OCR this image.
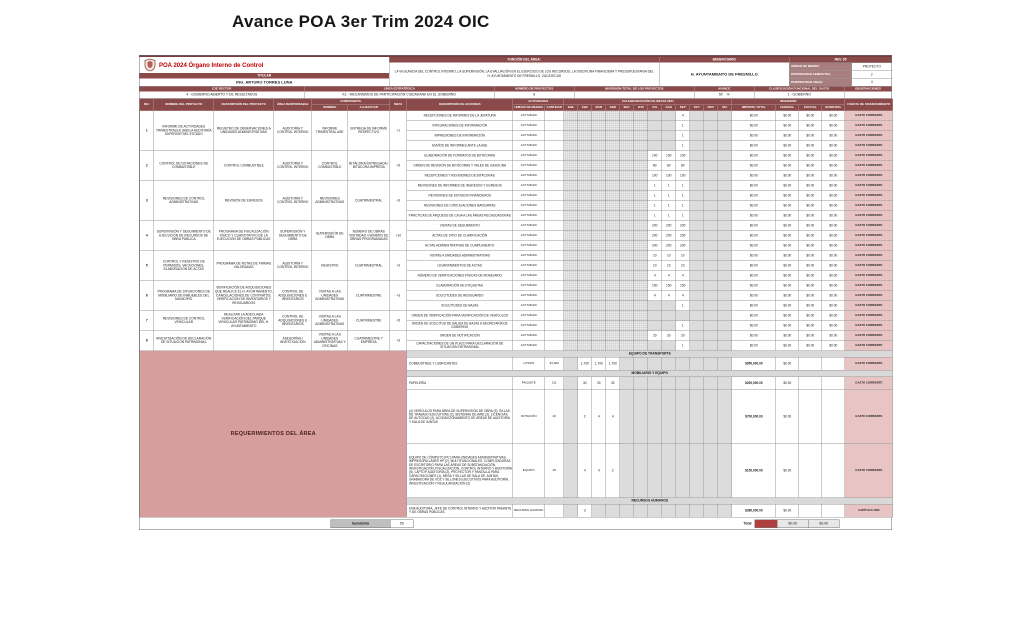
Avance POA 3er Trim 2024 OIC
POA 2024 Órgano Interno de Control
TITULAR
ING. ARTURO TORRES LUNA
FUNCIÓN DEL ÁREA:
LA VIGILANCIA DEL CONTROL INTERNO, LA SUPERVISIÓN, LA EVALUACIÓN EN EL EJERCICIO DE LOS RECURSOS, LA DISCIPLINA FINANCIERA Y PRESUPUESTARIA DEL H. AYUNTAMIENTO DE FRESNILLO, ZACATECAS
BENEFICIARIO
H. AYUNTAMIENTO DE FRESNILLO
REV. 05
UNIDAD DE MEDIDA	PROYECTO
PERIODICIDAD SEMESTRAL	2
PERIODICIDAD ANUAL	4
EJE RECTOR
4 - GOBIERNO ABIERTO Y DE RESULTADOS
LÍNEA ESTRATÉGICA
K1 - MECANISMOS DE PARTICIPACIÓN CIUDADANA EN EL GOBIERNO
NÚMERO DE PROYECTOS
8
INVERSIÓN TOTAL DE LOS PROYECTOS	AVANCE
50 %
CLASIFICACIÓN FUNCIONAL DEL GASTO
1 - GOBIERNO
OBSERVACIONES
NO.	NOMBRE DEL PROYECTO	DESCRIPCIÓN DEL PROYECTO	ÁREA RESPONSABLE	COMPONENTE		META	DESCRIPCIÓN DE ACCIONES	ACTIVIDADES		CALENDARIZACIÓN DE METAS 2024												INVERSIÓN				FUENTE DE FINANCIAMIENTO
				NOMBRE	A EJECUTAR			UNIDAD DE MEDIDA	CANTIDAD	ENE	FEB	MAR	ABR	MAY	JUN	JUL	AGO	SEP	OCT	NOV	DIC	IMPORTE TOTAL	FEDERAL	ESTATAL	MUNICIPAL	
1	INFORME DE ACTIVIDADES TRIMESTRALES (ASE) A AUDITORÍA SUPERIOR DEL ESTADO	REGISTRO DE OBSERVACIONES A UNIDADES ADMINISTRATIVAS	AUDITORÍA Y CONTROL INTERNO	INFORME TRIMESTRAL ASE	ENTREGA DE INFORME RESPECTIVO	+1	RECEPCIONES DE INFORMES DE LA JEFATURA	ACTIVIDAD										4				$0.00	$0.00	$0.00	$0.00	GASTO CORRIENTE
							INTEGRACIONES DE INFORMACIÓN	ACTIVIDAD										1				$0.00	$0.00	$0.00	$0.00	GASTO CORRIENTE
							IMPRESIONES DE INFORMACIÓN	ACTIVIDAD										1				$0.00	$0.00	$0.00	$0.00	GASTO CORRIENTE
							ENVÍOS DE INFORMES ANTE LA ASE	ACTIVIDAD										1				$0.00	$0.00	$0.00	$0.00	GASTO CORRIENTE
2	CONTROL DE DOTACIONES DE COMBUSTIBLE	CONTROL COMBUSTIBLE	AUDITORÍA Y CONTROL INTERNO	CONTROL COMBUSTIBLE	BITÁCORA ENTREGADA / BITÁCORA IMPRESA	+5	ELABORACIÓN DE FORMATOS DE BITÁCORAS	ACTIVIDAD								100	100	100				$0.00	$0.00	$0.00	$0.00	GASTO CORRIENTE
							ORDEN DE REVISIÓN DE BITÁCORAS Y VALES DE GASOLINA	ACTIVIDAD								80	80	80				$0.00	$0.00	$0.00	$0.00	GASTO CORRIENTE
							RECEPCIONES Y REVISIONES DE BITÁCORAS	ACTIVIDAD								100	100	100				$0.00	$0.00	$0.00	$0.00	GASTO CORRIENTE
3	REVISIONES DE CONTROL ADMINISTRATIVAS	REVISIÓN DE EGRESOS	AUDITORÍA Y CONTROL INTERNO	REVISIONES ADMINISTRATIVAS	CUATRIMESTRAL	+3	REVISIONES DE INFORMES DE INGRESOS Y EGRESOS	ACTIVIDAD								1	1	1				$0.00	$0.00	$0.00	$0.00	GASTO CORRIENTE
							REVISIONES DE ESTADOS FINANCIEROS	ACTIVIDAD								1	1	1				$0.00	$0.00	$0.00	$0.00	GASTO CORRIENTE
							REVISIONES DE CONCILIACIONES BANCARIAS	ACTIVIDAD								1	1	1				$0.00	$0.00	$0.00	$0.00	GASTO CORRIENTE
							PRÁCTICAS DE ARQUEOS DE CAJA A LAS ÁREAS RECAUDADORAS	ACTIVIDAD								1	1	1				$0.00	$0.00	$0.00	$0.00	GASTO CORRIENTE
4	SUPERVISIÓN Y SEGUIMIENTO DE EJECUCIÓN DE RECURSOS DE OBRA PÚBLICA	PROGRAMA DE FISCALIZACIÓN FÍSICO Y CUANTITATIVO DE LA EJECUCIÓN DE OBRAS PÚBLICAS	SUPERVISIÓN Y SEGUIMIENTO DE OBRA	SUPERVISIÓN DE OBRA	NÚMERO DE OBRAS VISITADAS / NÚMERO DE OBRAS PROGRAMADAS	+10	VISITAS DE SEGUIMIENTO	ACTIVIDAD								200	200	200				$0.00	$0.00	$0.00	$0.00	GASTO CORRIENTE
							ACTAS DE SITIO DE CLARIFICACIÓN	ACTIVIDAD								200	200	200				$0.00	$0.00	$0.00	$0.00	GASTO CORRIENTE
							ACTAS ADMINISTRATIVAS DE CUMPLIMIENTO	ACTIVIDAD								200	200	200				$0.00	$0.00	$0.00	$0.00	GASTO CORRIENTE
5	CONTROL Y REGISTRO DE PERMISOS, VACACIONES, ELABORACIÓN DE ACTAS	PROGRAMA DE RUTAS DE FIRMAS VALORADAS	AUDITORÍA Y CONTROL INTERNO	REGISTRO	CUATRIMESTRAL	+3	VISITAS A UNIDADES ADMINISTRATIVAS	ACTIVIDAD								10	10	10				$0.00	$0.00	$0.00	$0.00	GASTO CORRIENTE
							LEVANTAMIENTOS DE ACTAS	ACTIVIDAD								10	10	10				$0.00	$0.00	$0.00	$0.00	GASTO CORRIENTE
							NÚMERO DE VERIFICACIONES FÍSICAS DE MOBILIARIO	ACTIVIDAD								4	4	4				$0.00	$0.00	$0.00	$0.00	GASTO CORRIENTE
6	PROGRAMA DE SITUACIONES DE MOBILIARIO DE INMUEBLES DEL MUNICIPIO	VERIFICACIÓN DE ADQUISICIONES QUE REALICE EL H. AYUNTAMIENTO, CANCELACIONES DE CONTRATOS, VERIFICACIÓN DE INVENTARIOS Y RESGUARDOS	CONTROL DE ADQUISICIONES E INVENTARIOS	VISITAS A LAS UNIDADES ADMINISTRATIVAS	CUATRIMESTRE	+3	ELABORACIÓN DE ETIQUETAS	ACTIVIDAD								150	150	150				$0.00	$0.00	$0.00	$0.00	GASTO CORRIENTE
							SOLICITUDES DE RESGUARDO	ACTIVIDAD								4	4	4				$0.00	$0.00	$0.00	$0.00	GASTO CORRIENTE
							SOLICITUDES DE BAJAS	ACTIVIDAD										1				$0.00	$0.00	$0.00	$0.00	GASTO CORRIENTE
7	REVISIONES DE CONTROL VEHICULAR	REALIZAR LA ADECUADA VERIFICACIÓN DEL PARQUE VEHICULAR PATRIMONIO DEL H. AYUNTAMIENTO	CONTROL DE ADQUISICIONES E INVENTARIOS	VISITAS A LAS UNIDADES ADMINISTRATIVAS	CUATRIMESTRE	+5	ORDEN DE VERIFICACIÓN PARA VERIFICACIÓN DE VEHÍCULOS	ACTIVIDAD														$0.00	$0.00	$0.00	$0.00	GASTO CORRIENTE
							ORDEN DE SOLICITUD DE SALIDA DE BAJAS A SECRETARÍA DE GOBIERNO	ACTIVIDAD										1				$0.00	$0.00	$0.00	$0.00	GASTO CORRIENTE
8	INVESTIGACIÓN DE DECLARACIÓN DE SITUACIÓN PATRIMONIAL		ASESORÍAS / INVESTIGACIÓN	VISITAS A LAS UNIDADES ADMINISTRATIVAS Y OFICINAS	CUATRIMESTRE Y EMPRESA	+3	ORDEN DE NOTIFICACIÓN	ACTIVIDAD								20	20	20				$0.00	$0.00	$0.00	$0.00	GASTO CORRIENTE
							CAPACITACIONES DE UN PLAZO PARA DECLARACIÓN DE SITUACIÓN PATRIMONIAL	ACTIVIDAD										1				$0.00	$0.00	$0.00	$0.00	GASTO CORRIENTE
REQUERIMIENTOS DEL ÁREA							EQUIPO DE TRANSPORTE																			
							COMBUSTIBLE Y LUBRICANTES	LITROS	$1,600		1,700	1,700	1,700									$950,000.00	$0.00			GASTO CORRIENTE
							MOBILIARIO Y EQUIPO																			
							PAPELERÍA	PAQUETE	211		30	30	30									$200,000.00	$0.00			GASTO CORRIENTE
							(4) VEHÍCULOS PARA ÁREA DE SUPERVISIÓN DE OBRA (2), SILLAS DE TRABAJO EJECUTIVAS (2), SISTEMAS DE AIRE (2), LICENCIAS DE AUTOCAD (2), ACONDICIONAMIENTO DE ÁREAS DE AUDITORÍA Y SALA DE JUNTAS	DOTACIÓN	20		2	4	4									$700,000.00	$0.00			GASTO CORRIENTE
							EQUIPO DE CÓMPUTO (PC) PARA UNIDADES ADMINISTRATIVAS, IMPRESORA LÁSER HP (2), MULTIFUNCIONALES, COMPUTADORAS DE ESCRITORIO PARA LAS ÁREAS DE SUBSTANCIACIÓN, INVESTIGACIÓN, FISCALIZACIÓN, CONTROL INTERNO Y AUDITORÍA (5), LAPTOP AUDITORÍA (2), PROYECTOR Y PANTALLA PARA CAPACITACIONES (1), MESA Y SILLAS DE SALA DE JUNTAS, GRABADORA DE VOZ Y SILLONES EJECUTIVOS PARA AUDITORÍA, INVESTIGACIÓN Y REGULARIZACIÓN (2)	EQUIPO	20		4	4	2									$150,000.00	$0.00			GASTO CORRIENTE
							RECURSOS HUMANOS																			
							UNA AUDITORA, JEFE DE CONTROL INTERNO Y AUDITOR PASANTE Y DE OBRAS PÚBLICAS	RECURSO HUMANO			3											$380,000.00	$0.00			CAPÍTULO 1000
Sumatoria	59	Total	$0.00	$0.00
